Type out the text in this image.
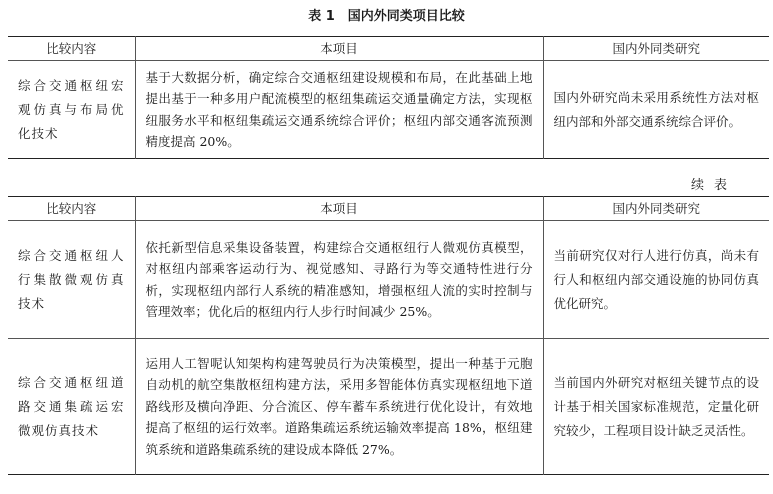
表 1　国内外同类项目比较
比较内容	本项目	国内外同类研究
综合交通枢纽宏观仿真与布局优化技术	基于大数据分析，确定综合交通枢纽建设规模和布局，在此基础上地提出基于一种多用户配流模型的枢纽集疏运交通量确定方法，实现枢纽服务水平和枢纽集疏运交通系统综合评价；枢纽内部交通客流预测精度提高 20%。	国内外研究尚未采用系统性方法对枢纽内部和外部交通系统综合评价。
续表
比较内容	本项目	国内外同类研究
综合交通枢纽人行集散微观仿真技术	依托新型信息采集设备装置，构建综合交通枢纽行人微观仿真模型，对枢纽内部乘客运动行为、视觉感知、寻路行为等交通特性进行分析，实现枢纽内部行人系统的精准感知，增强枢纽人流的实时控制与管理效率；优化后的枢纽内行人步行时间减少 25%。	当前研究仅对行人进行仿真，尚未有行人和枢纽内部交通设施的协同仿真优化研究。
综合交通枢纽道路交通集疏运宏微观仿真技术	运用人工智呢认知架构构建驾驶员行为决策模型，提出一种基于元胞自动机的航空集散枢纽构建方法，采用多智能体仿真实现枢纽地下道路线形及横向净距、分合流区、停车蓄车系统进行优化设计，有效地提高了枢纽的运行效率。道路集疏运系统运输效率提高 18%，枢纽建筑系统和道路集疏系统的建设成本降低 27%。	当前国内外研究对枢纽关键节点的设计基于相关国家标准规范，定量化研究较少，工程项目设计缺乏灵活性。
